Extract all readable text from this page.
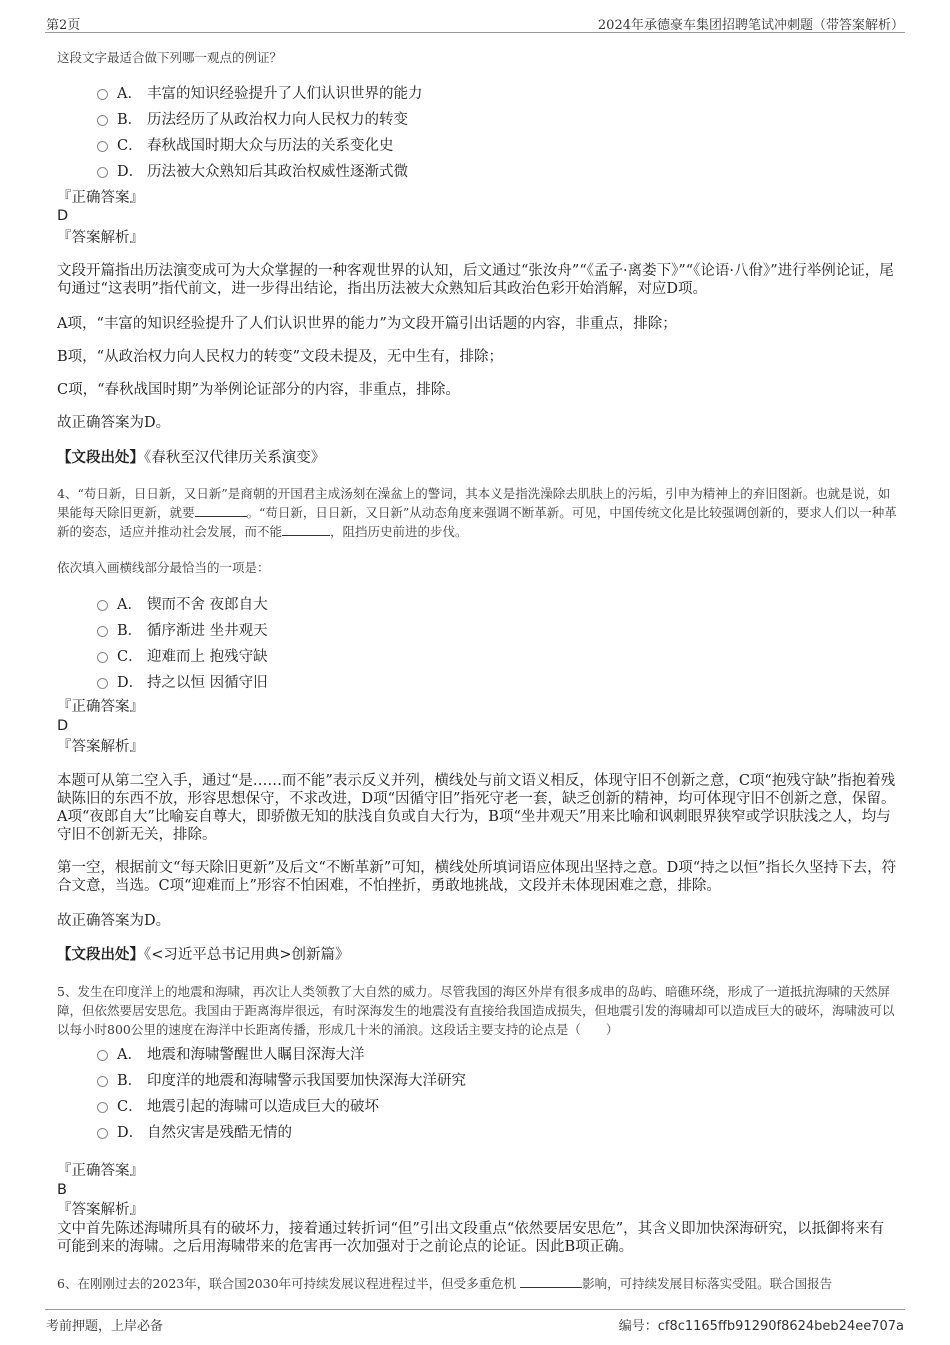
第2页	2024年承德豪车集团招聘笔试冲刺题（带答案解析）
这段文字最适合做下列哪一观点的例证？
A． 丰富的知识经验提升了人们认识世界的能力
B． 历法经历了从政治权力向人民权力的转变
C． 春秋战国时期大众与历法的关系变化史
D． 历法被大众熟知后其政治权威性逐渐式微
『正确答案』
D
『答案解析』
文段开篇指出历法演变成可为大众掌握的一种客观世界的认知，后文通过“张汝舟”“《孟子·离娄下》”“《论语·八佾》”进行举例论证，尾句通过“这表明”指代前文，进一步得出结论，指出历法被大众熟知后其政治色彩开始消解，对应D项。
A项，“丰富的知识经验提升了人们认识世界的能力”为文段开篇引出话题的内容，非重点，排除；
B项，“从政治权力向人民权力的转变”文段未提及，无中生有，排除；
C项，“春秋战国时期”为举例论证部分的内容，非重点，排除。
故正确答案为D。
【文段出处】《春秋至汉代律历关系演变》
4、“苟日新，日日新，又日新”是商朝的开国君主成汤刻在澡盆上的警词，其本义是指洗澡除去肌肤上的污垢，引申为精神上的弃旧图新。也就是说，如果能每天除旧更新，就要	。“苟日新，日日新，又日新”从动态角度来强调不断革新。可见，中国传统文化是比较强调创新的，要求人们以一种革新的姿态，适应并推动社会发展，而不能	，阻挡历史前进的步伐。
依次填入画横线部分最恰当的一项是：
A． 锲而不舍 夜郎自大
B． 循序渐进 坐井观天
C． 迎难而上 抱残守缺
D． 持之以恒 因循守旧
『正确答案』
D
『答案解析』
本题可从第二空入手，通过“是……而不能”表示反义并列，横线处与前文语义相反，体现守旧不创新之意，C项“抱残守缺”指抱着残缺陈旧的东西不放，形容思想保守，不求改进，D项“因循守旧”指死守老一套，缺乏创新的精神，均可体现守旧不创新之意，保留。A项“夜郎自大”比喻妄自尊大，即骄傲无知的肤浅自负或自大行为，B项“坐井观天”用来比喻和讽刺眼界狭窄或学识肤浅之人，均与守旧不创新无关，排除。
第一空，根据前文“每天除旧更新”及后文“不断革新”可知，横线处所填词语应体现出坚持之意。D项“持之以恒”指长久坚持下去，符合文意，当选。C项“迎难而上”形容不怕困难，不怕挫折，勇敢地挑战，文段并未体现困难之意，排除。
故正确答案为D。
【文段出处】《<习近平总书记用典>创新篇》
5、发生在印度洋上的地震和海啸，再次让人类领教了大自然的威力。尽管我国的海区外岸有很多成串的岛屿、暗礁环绕，形成了一道抵抗海啸的天然屏障，但依然要居安思危。我国由于距离海岸很远，有时深海发生的地震没有直接给我国造成损失，但地震引发的海啸却可以造成巨大的破坏，海啸波可以以每小时800公里的速度在海洋中长距离传播，形成几十米的涌浪。这段话主要支持的论点是（　　）
A． 地震和海啸警醒世人瞩目深海大洋
B． 印度洋的地震和海啸警示我国要加快深海大洋研究
C． 地震引起的海啸可以造成巨大的破坏
D． 自然灾害是残酷无情的
『正确答案』
B
『答案解析』
文中首先陈述海啸所具有的破坏力，接着通过转折词“但”引出文段重点“依然要居安思危”，其含义即加快深海研究，以抵御将来有可能到来的海啸。之后用海啸带来的危害再一次加强对于之前论点的论证。因此B项正确。
6、在刚刚过去的2023年，联合国2030年可持续发展议程进程过半，但受多重危机	影响，可持续发展目标落实受阻。联合国报告
考前押题，上岸必备	编号：cf8c1165ffb91290f8624beb24ee707a
